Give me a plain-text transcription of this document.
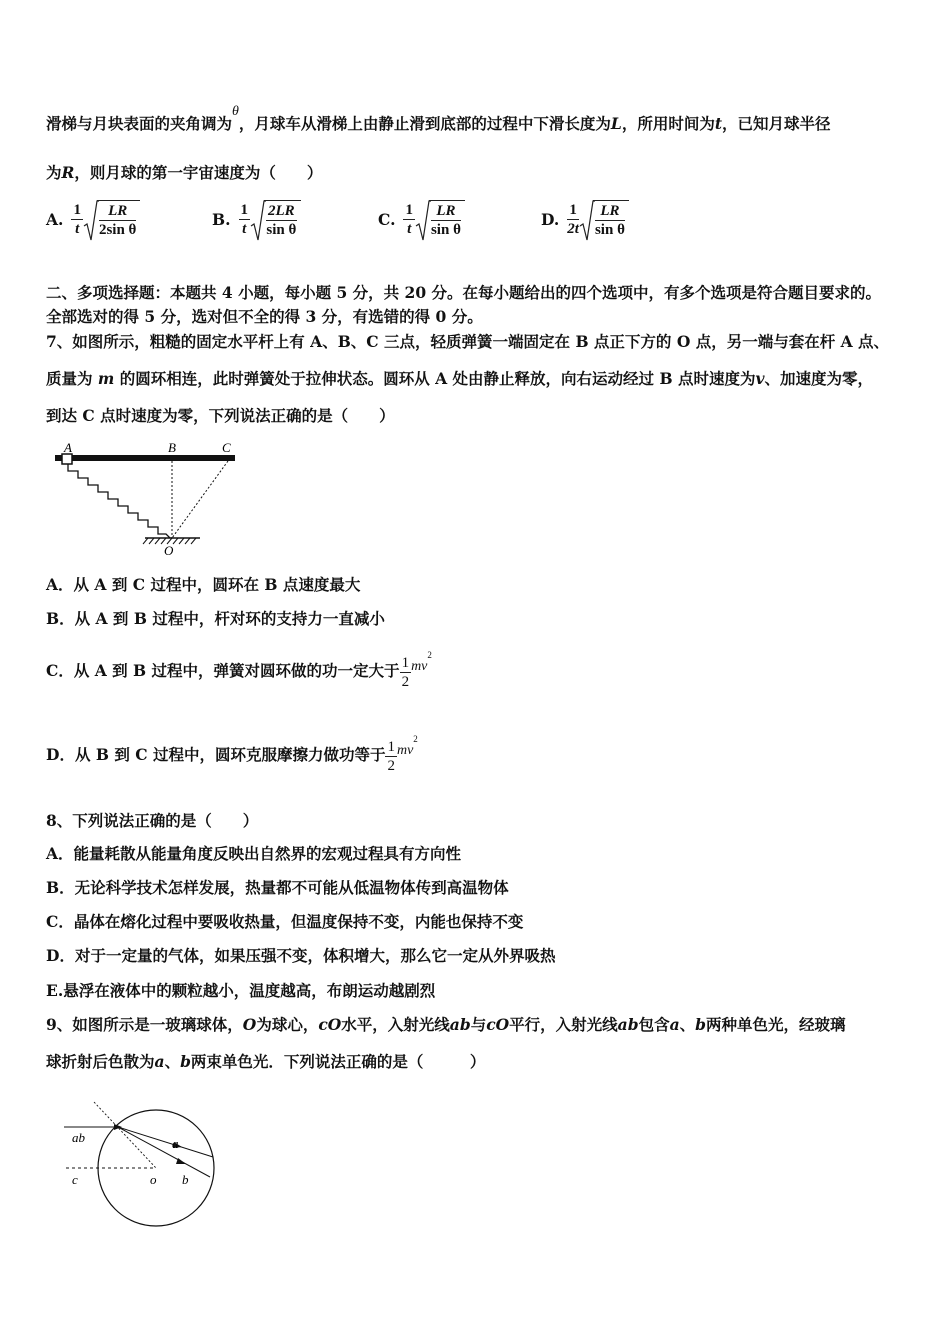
滑梯与月块表面的夹角调为θ，月球车从滑梯上由静止滑到底部的过程中下滑长度为L，所用时间为t，已知月球半径
为R，则月球的第一宇宙速度为（　　）
A. $\frac{1}{t} \frac{LR}{\text{2sin θ}}$	B. $\frac{1}{t} \frac{2LR}{\text{sin θ}}$	C. $\frac{1}{t} \frac{LR}{\text{sin θ}}$	D. $\frac{1}{2t} \frac{LR}{\text{sin θ}}$
二、多项选择题：本题共 4 小题，每小题 5 分，共 20 分。在每小题给出的四个选项中，有多个选项是符合题目要求的。
全部选对的得 5 分，选对但不全的得 3 分，有选错的得 0 分。
7、如图所示，粗糙的固定水平杆上有 A、B、C 三点，轻质弹簧一端固定在 B 点正下方的 O 点，另一端与套在杆 A 点、
质量为 m 的圆环相连，此时弹簧处于拉伸状态。圆环从 A 处由静止释放，向右运动经过 B 点时速度为v、加速度为零，
到达 C 点时速度为零，下列说法正确的是（　　）
A	B	C
O
A．从 A 到 C 过程中，圆环在 B 点速度最大
B．从 A 到 B 过程中，杆对环的支持力一直减小
C．从 A 到 B 过程中，弹簧对圆环做的功一定大于 $\frac{1}{2} mv^2$
D．从 B 到 C 过程中，圆环克服摩擦力做功等于 $\frac{1}{2} mv^2$
8、下列说法正确的是（　　）
A．能量耗散从能量角度反映出自然界的宏观过程具有方向性
B．无论科学技术怎样发展，热量都不可能从低温物体传到高温物体
C．晶体在熔化过程中要吸收热量，但温度保持不变，内能也保持不变
D．对于一定量的气体，如果压强不变，体积增大，那么它一定从外界吸热
E.悬浮在液体中的颗粒越小，温度越高，布朗运动越剧烈
9、如图所示是一玻璃球体，O为球心，cO水平，入射光线ab与cO平行，入射光线ab包含a、b两种单色光，经玻璃
球折射后色散为a、b两束单色光．下列说法正确的是（　　　）
ab
c	o
a
b
